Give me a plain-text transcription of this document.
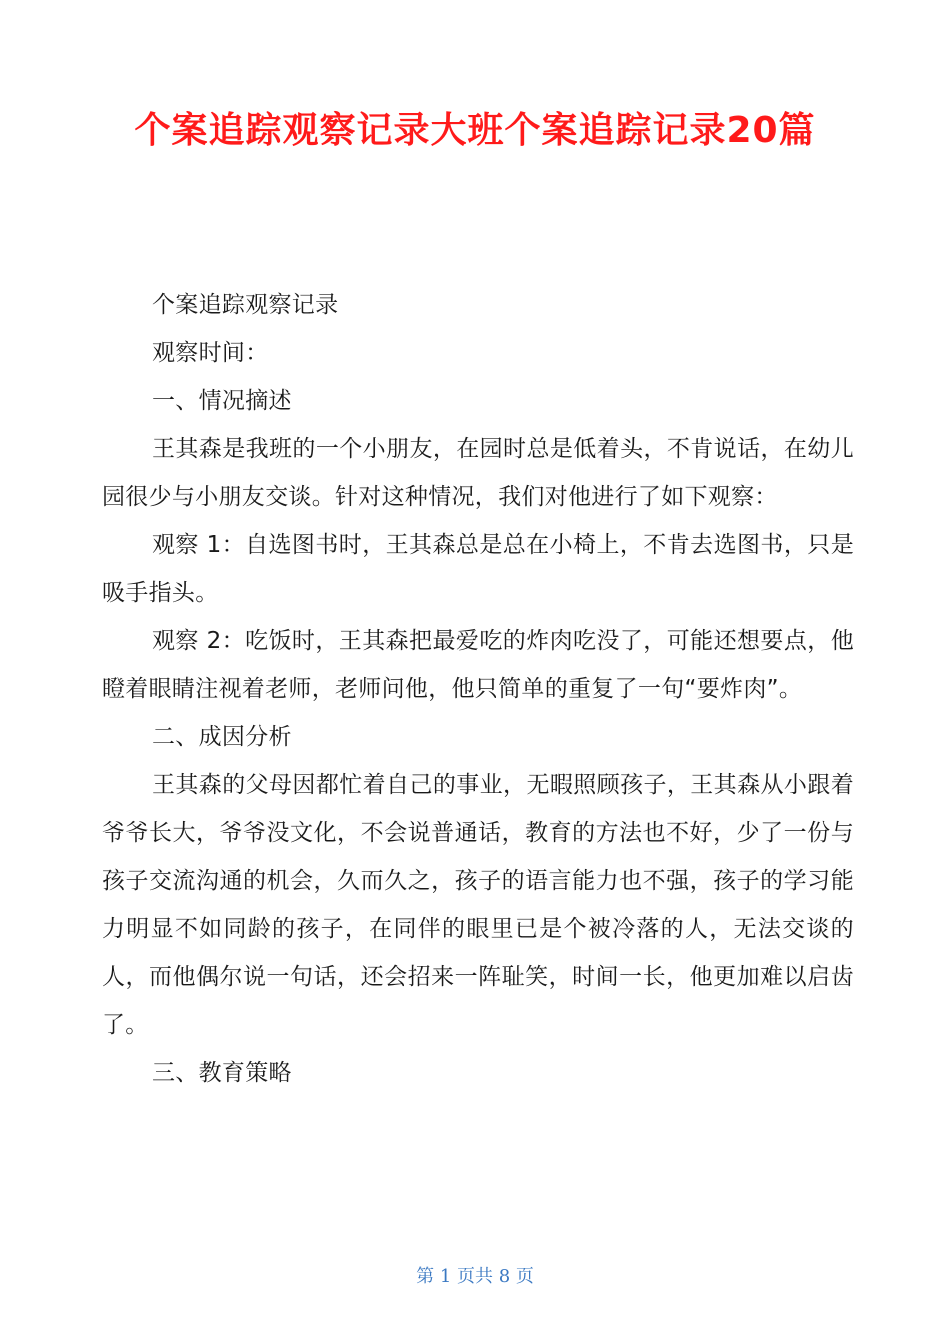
个案追踪观察记录大班个案追踪记录20篇

个案追踪观察记录

观察时间：

一、情况摘述

王其森是我班的一个小朋友，在园时总是低着头，不肯说话，在幼儿园很少与小朋友交谈。针对这种情况，我们对他进行了如下观察：

观察 1：自选图书时，王其森总是总在小椅上，不肯去选图书，只是吸手指头。

观察 2：吃饭时，王其森把最爱吃的炸肉吃没了，可能还想要点，他瞪着眼睛注视着老师，老师问他，他只简单的重复了一句“要炸肉”。

二、成因分析

王其森的父母因都忙着自己的事业，无暇照顾孩子，王其森从小跟着爷爷长大，爷爷没文化，不会说普通话，教育的方法也不好，少了一份与孩子交流沟通的机会，久而久之，孩子的语言能力也不强，孩子的学习能力明显不如同龄的孩子，在同伴的眼里已是个被冷落的人，无法交谈的人，而他偶尔说一句话，还会招来一阵耻笑，时间一长，他更加难以启齿了。

三、教育策略

第 1 页共 8 页
